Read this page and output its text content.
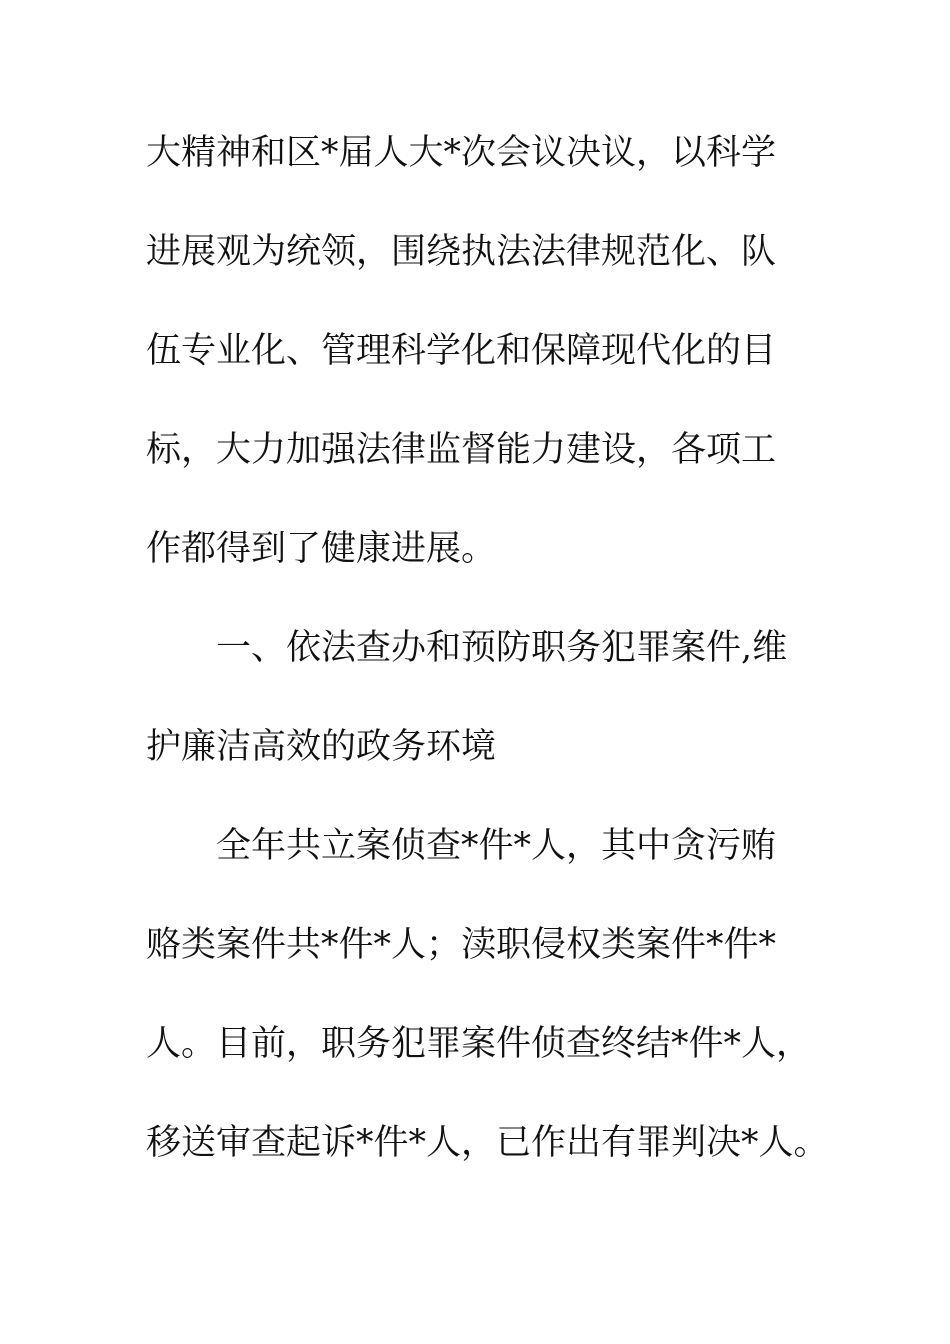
大精神和区*届人大*次会议决议，以科学
进展观为统领，围绕执法法律规范化、队
伍专业化、管理科学化和保障现代化的目
标，大力加强法律监督能力建设，各项工
作都得到了健康进展。
一、依法查办和预防职务犯罪案件,维
护廉洁高效的政务环境
全年共立案侦查*件*人，其中贪污贿
赂类案件共*件*人；渎职侵权类案件*件*
人。目前，职务犯罪案件侦查终结*件*人，
移送审查起诉*件*人，已作出有罪判决*人。
